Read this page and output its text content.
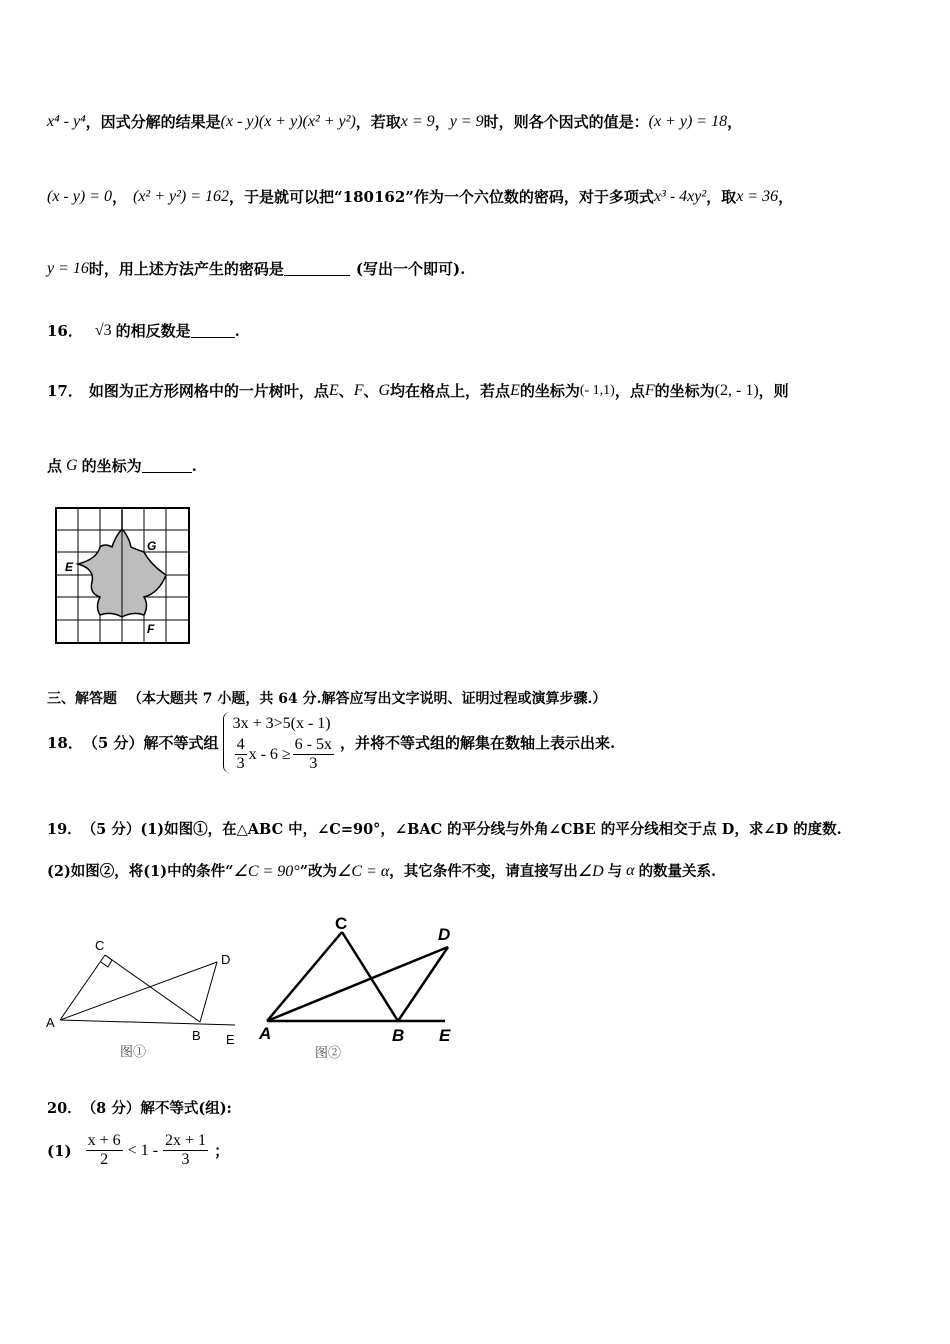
x⁴ - y⁴ ，因式分解的结果是 (x - y)(x + y)(x² + y²) ，若取 x = 9 ， y = 9 时，则各个因式的值是： (x + y) = 18 ，
(x - y) = 0 ， (x² + y²) = 162 ，于是就可以把“180162”作为一个六位数的密码，对于多项式 x³ - 4xy² ，取 x = 36 ，
y = 16 时，用上述方法产生的密码是	(写出一个即可).
16． √3 的相反数是	.
17． 如图为正方形网格中的一片树叶，点 E 、 F 、 G 均在格点上，若点 E 的坐标为 (- 1,1) ，点 F 的坐标为 (2, - 1) ，则
点 G 的坐标为	.
G
E
F
三、解答题 （本大题共 7 小题，共 64 分.解答应写出文字说明、证明过程或演算步骤.）
18． （5 分） 解不等式组
3x + 3>5(x - 1)
$\frac{4}{3}$ $x - 6 \ge \frac{6 - 5x}{3}$ ，并将不等式组的解集在数轴上表示出来.
19． （5 分） (1)如图①，在△ABC 中，∠C=90°，∠BAC 的平分线与外角∠CBE 的平分线相交于点 D，求∠D 的度数.
(2)如图②，将(1)中的条件“ ∠C = 90° ”改为 ∠C = α ，其它条件不变，请直接写出 ∠D 与 α 的数量关系.
C
D
A
B E
图①
C
D
A	B E
图②
20． （8 分） 解不等式(组):
$(1) \frac{x + 6}{2} < 1 - \frac{2x + 1}{3}$ ；
